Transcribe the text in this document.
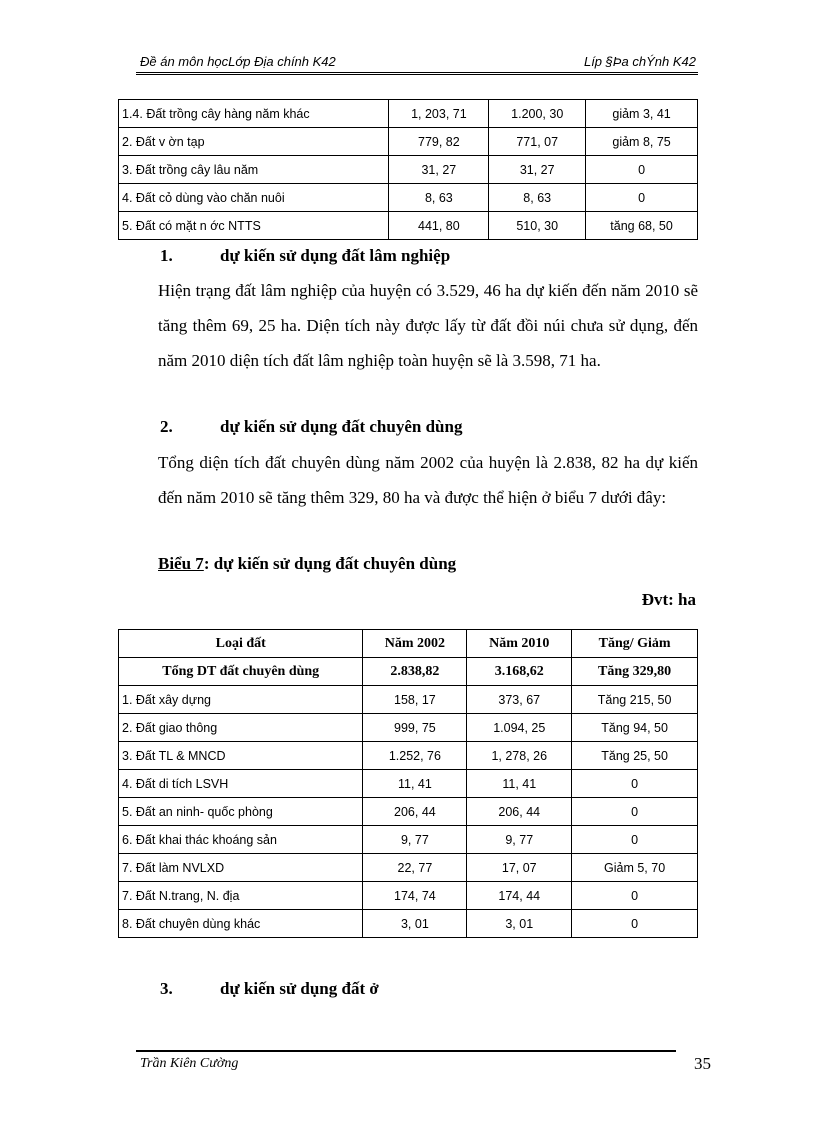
Đề án môn họcLớp Địa chính K42	Líp §Þa chÝnh K42
1.4. Đất trồng cây hàng năm khác	1, 203, 71	1.200, 30	giảm 3, 41
2. Đất v ờn tạp	779, 82	771, 07	giảm 8, 75
3. Đất trồng cây lâu năm	31, 27	31, 27	0
4. Đất cỏ dùng vào chăn nuôi	8, 63	8, 63	0
5. Đất có mặt n ớc NTTS	441, 80	510, 30	tăng 68, 50
1.	dự kiến sử dụng đất lâm nghiệp
Hiện trạng đất lâm nghiệp của huyện có 3.529, 46 ha dự kiến đến năm 2010 sẽ tăng thêm 69, 25 ha. Diện tích này được lấy từ đất đồi núi chưa sử dụng, đến năm 2010 diện tích đất lâm nghiệp toàn huyện sẽ là 3.598, 71 ha.
2.	dự kiến sử dụng đất chuyên dùng
Tổng diện tích đất chuyên dùng năm 2002 của huyện là 2.838, 82 ha dự kiến đến năm 2010 sẽ tăng thêm 329, 80 ha và được thể hiện ở biểu 7 dưới đây:
Biểu 7: dự kiến sử dụng đất chuyên dùng
Đvt: ha
Loại đất	Năm 2002	Năm 2010	Tăng/ Giảm
Tổng DT đất chuyên dùng	2.838,82	3.168,62	Tăng 329,80
1. Đất xây dựng	158, 17	373, 67	Tăng 215, 50
2. Đất giao thông	999, 75	1.094, 25	Tăng 94, 50
3. Đất TL & MNCD	1.252, 76	1, 278, 26	Tăng 25, 50
4. Đất di tích LSVH	11, 41	11, 41	0
5. Đất an ninh- quốc phòng	206, 44	206, 44	0
6. Đất khai thác khoáng sản	9, 77	9, 77	0
7. Đất làm NVLXD	22, 77	17, 07	Giảm 5, 70
7. Đất N.trang, N. địa	174, 74	174, 44	0
8. Đất chuyên dùng khác	3, 01	3, 01	0
3.	dự kiến sử dụng đất ở
Trần Kiên Cường	35
